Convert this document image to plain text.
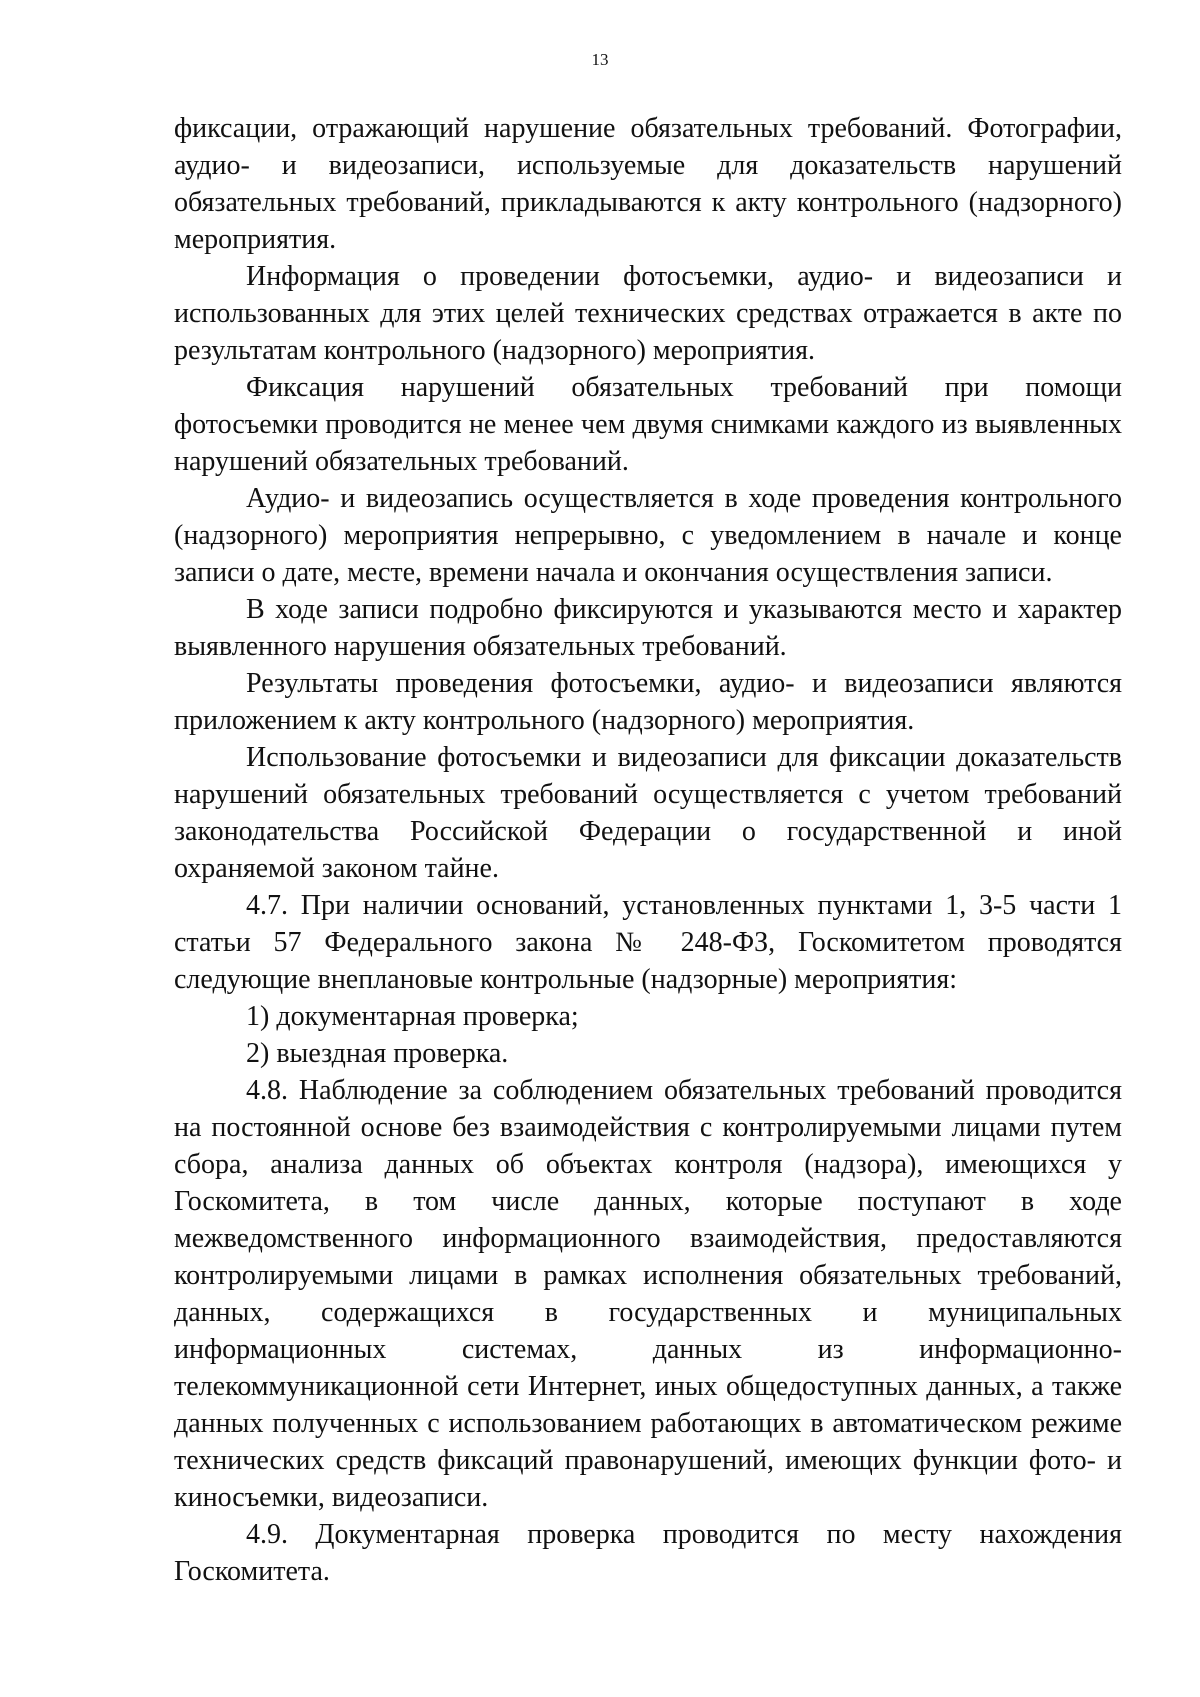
13

фиксации, отражающий нарушение обязательных требований. Фотографии, аудио- и видеозаписи, используемые для доказательств нарушений обязательных требований, прикладываются к акту контрольного (надзорного) мероприятия.

Информация о проведении фотосъемки, аудио- и видеозаписи и использованных для этих целей технических средствах отражается в акте по результатам контрольного (надзорного) мероприятия.

Фиксация нарушений обязательных требований при помощи фотосъемки проводится не менее чем двумя снимками каждого из выявленных нарушений обязательных требований.

Аудио- и видеозапись осуществляется в ходе проведения контрольного (надзорного) мероприятия непрерывно, с уведомлением в начале и конце записи о дате, месте, времени начала и окончания осуществления записи.

В ходе записи подробно фиксируются и указываются место и характер выявленного нарушения обязательных требований.

Результаты проведения фотосъемки, аудио- и видеозаписи являются приложением к акту контрольного (надзорного) мероприятия.

Использование фотосъемки и видеозаписи для фиксации доказательств нарушений обязательных требований осуществляется с учетом требований законодательства Российской Федерации о государственной и иной охраняемой законом тайне.

4.7. При наличии оснований, установленных пунктами 1, 3-5 части 1 статьи 57 Федерального закона № 248-ФЗ, Госкомитетом проводятся следующие внеплановые контрольные (надзорные) мероприятия:

1) документарная проверка;

2) выездная проверка.

4.8. Наблюдение за соблюдением обязательных требований проводится на постоянной основе без взаимодействия с контролируемыми лицами путем сбора, анализа данных об объектах контроля (надзора), имеющихся у Госкомитета, в том числе данных, которые поступают в ходе межведомственного информационного взаимодействия, предоставляются контролируемыми лицами в рамках исполнения обязательных требований, данных, содержащихся в государственных и муниципальных информационных системах, данных из информационно-телекоммуникационной сети Интернет, иных общедоступных данных, а также данных полученных с использованием работающих в автоматическом режиме технических средств фиксаций правонарушений, имеющих функции фото- и киносъемки, видеозаписи.

4.9. Документарная проверка проводится по месту нахождения Госкомитета.
